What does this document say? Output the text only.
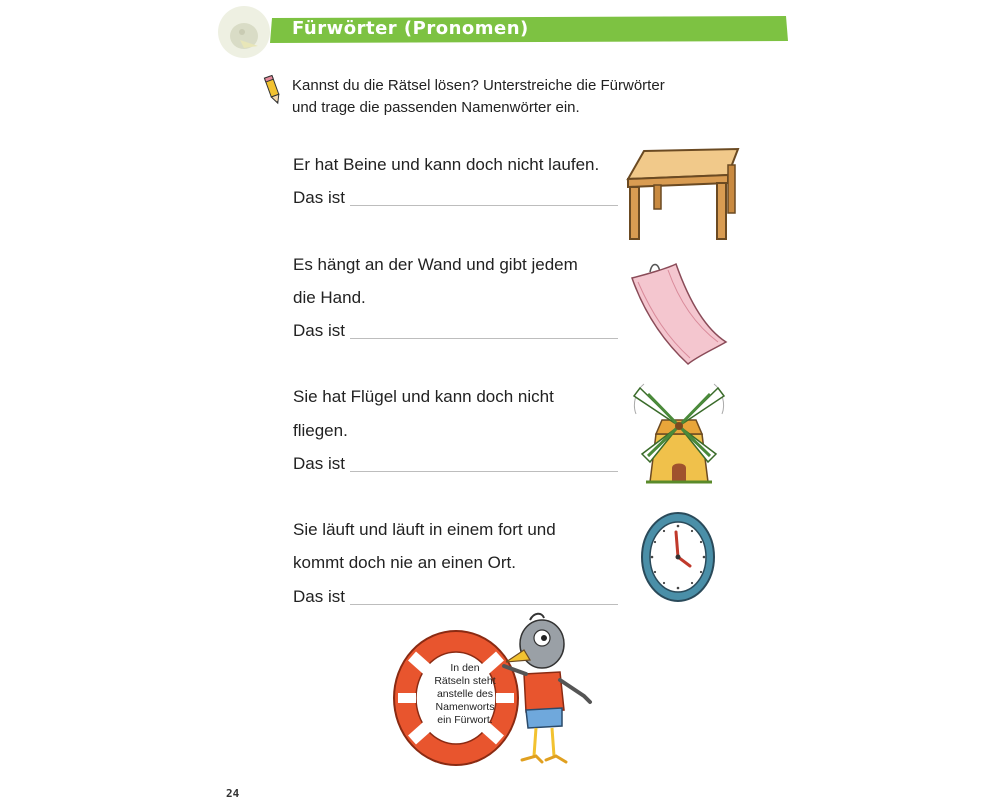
Fürwörter (Pronomen)
Kannst du die Rätsel lösen? Unterstreiche die Fürwörter
und trage die passenden Namenwörter ein.
Er hat Beine und kann doch nicht laufen.
Das ist
Es hängt an der Wand und gibt jedem
die Hand.
Das ist
Sie hat Flügel und kann doch nicht
fliegen.
Das ist
Sie läuft und läuft in einem fort und
kommt doch nie an einen Ort.
Das ist
In den
Rätseln steht
anstelle des
Namenworts
ein Fürwort.
24
